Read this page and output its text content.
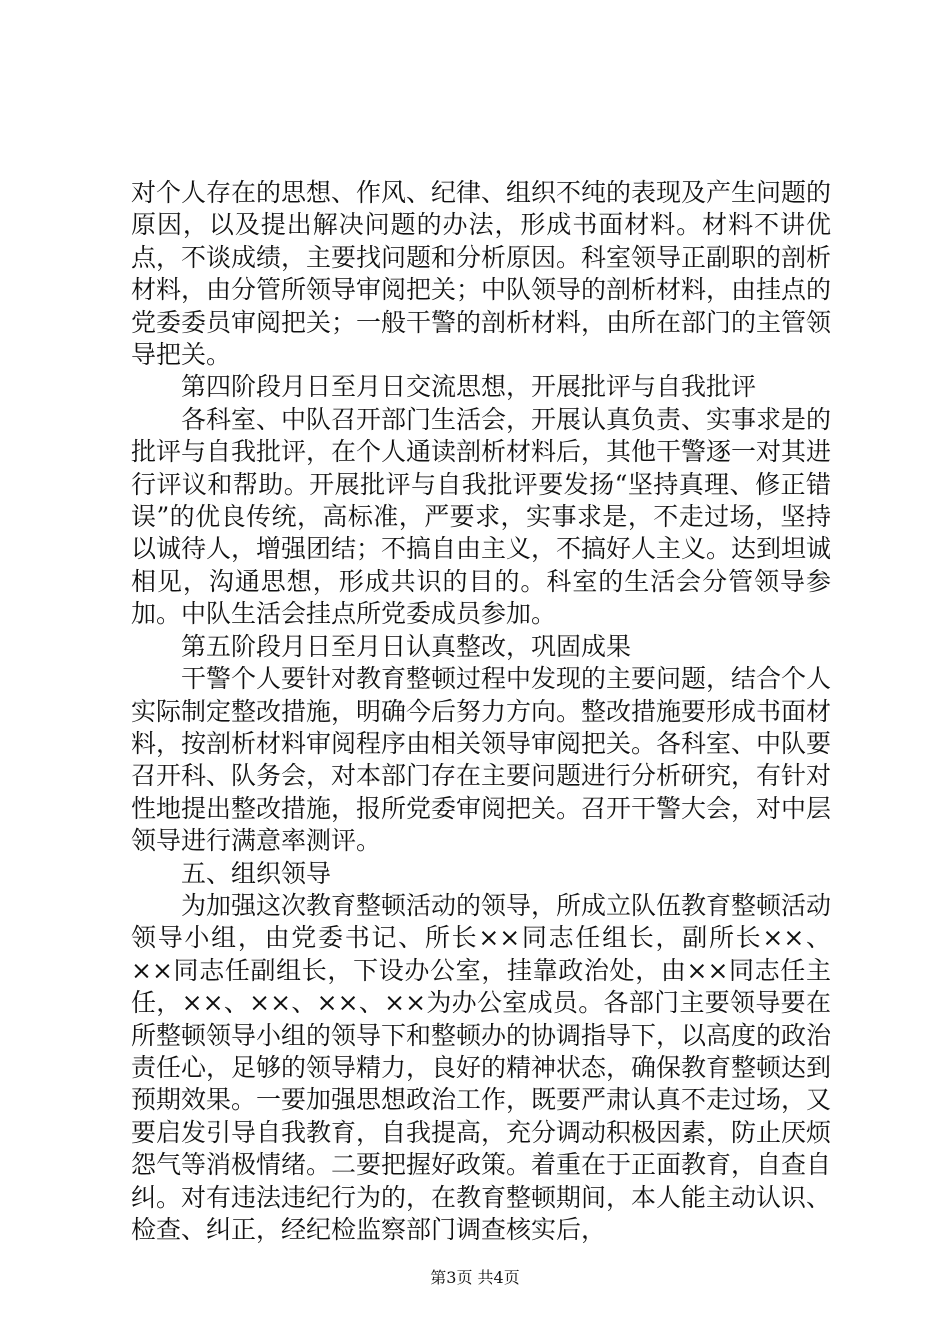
对个人存在的思想、作风、纪律、组织不纯的表现及产生问题的原因，以及提出解决问题的办法，形成书面材料。材料不讲优点，不谈成绩，主要找问题和分析原因。科室领导正副职的剖析材料，由分管所领导审阅把关；中队领导的剖析材料，由挂点的党委委员审阅把关；一般干警的剖析材料，由所在部门的主管领导把关。

第四阶段月日至月日交流思想，开展批评与自我批评

各科室、中队召开部门生活会，开展认真负责、实事求是的批评与自我批评，在个人通读剖析材料后，其他干警逐一对其进行评议和帮助。开展批评与自我批评要发扬“坚持真理、修正错误”的优良传统，高标准，严要求，实事求是，不走过场，坚持以诚待人，增强团结；不搞自由主义，不搞好人主义。达到坦诚相见，沟通思想，形成共识的目的。科室的生活会分管领导参加。中队生活会挂点所党委成员参加。

第五阶段月日至月日认真整改，巩固成果

干警个人要针对教育整顿过程中发现的主要问题，结合个人实际制定整改措施，明确今后努力方向。整改措施要形成书面材料，按剖析材料审阅程序由相关领导审阅把关。各科室、中队要召开科、队务会，对本部门存在主要问题进行分析研究，有针对性地提出整改措施，报所党委审阅把关。召开干警大会，对中层领导进行满意率测评。

五、组织领导

为加强这次教育整顿活动的领导，所成立队伍教育整顿活动领导小组，由党委书记、所长××同志任组长，副所长××、××同志任副组长，下设办公室，挂靠政治处，由××同志任主任，××、××、××、××为办公室成员。各部门主要领导要在所整顿领导小组的领导下和整顿办的协调指导下，以高度的政治责任心，足够的领导精力，良好的精神状态，确保教育整顿达到预期效果。一要加强思想政治工作，既要严肃认真不走过场，又要启发引导自我教育，自我提高，充分调动积极因素，防止厌烦怨气等消极情绪。二要把握好政策。着重在于正面教育，自查自纠。对有违法违纪行为的，在教育整顿期间，本人能主动认识、检查、纠正，经纪检监察部门调查核实后，

第3页 共4页
